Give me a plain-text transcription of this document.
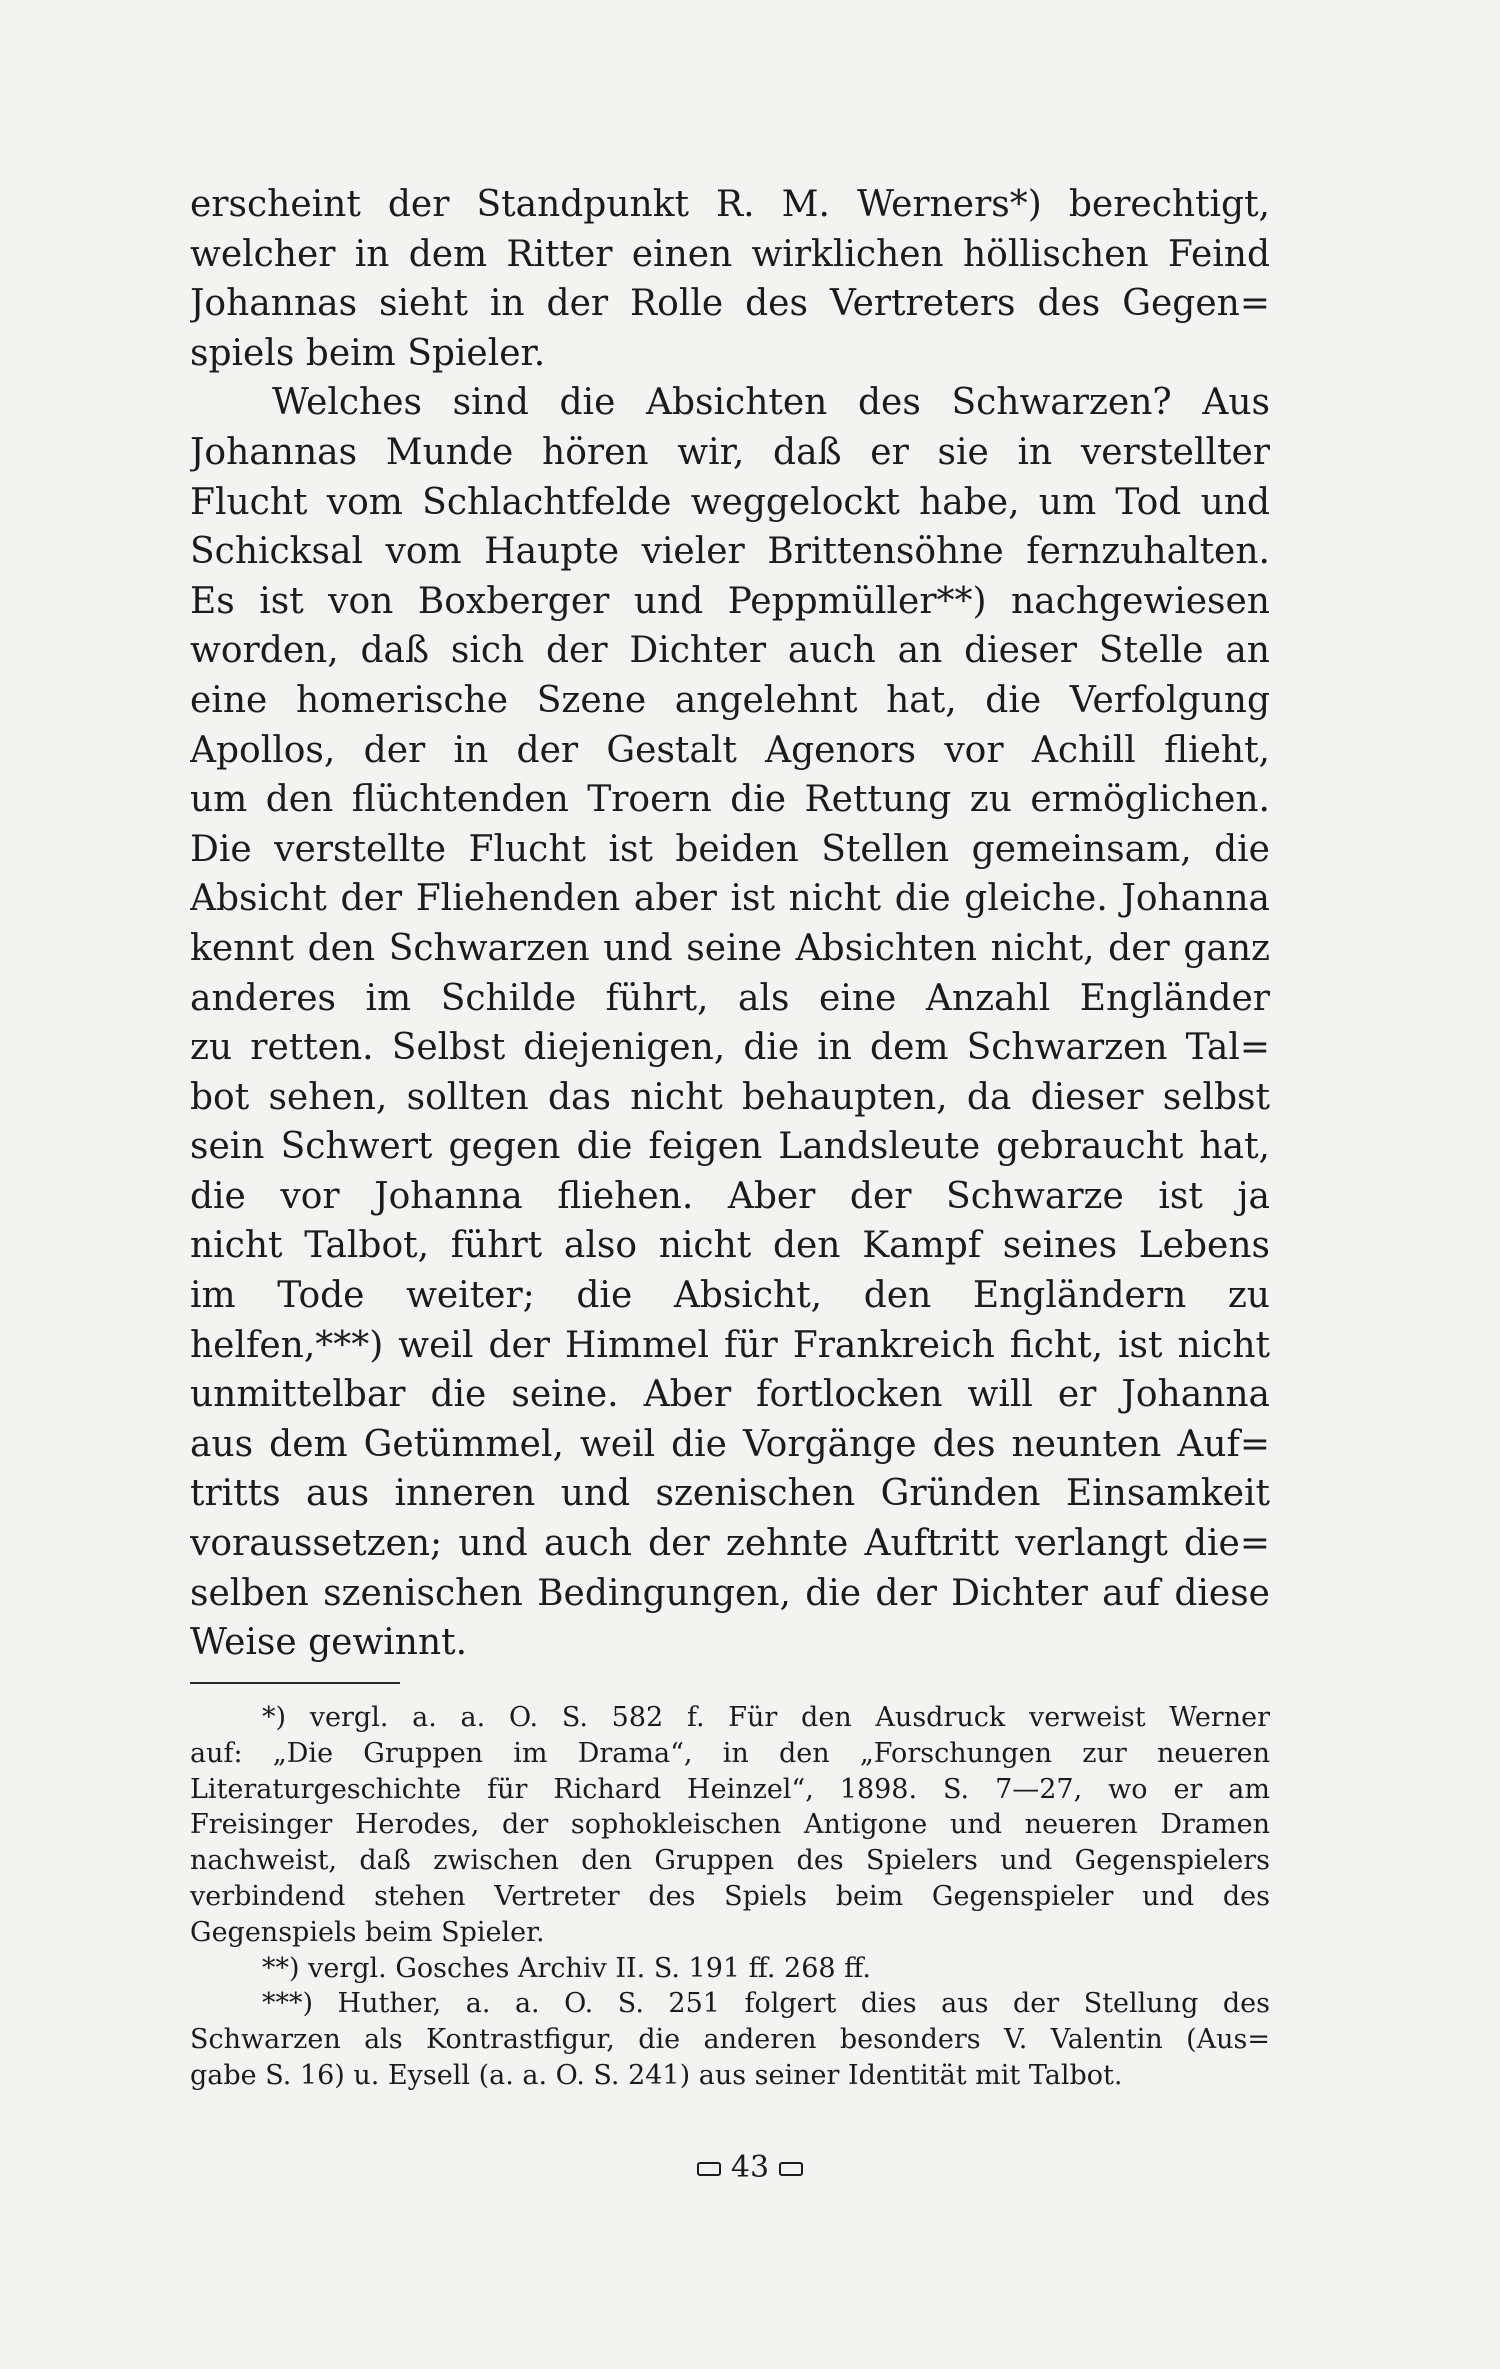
erscheint der Standpunkt R. M. Werners*) berechtigt,
welcher in dem Ritter einen wirklichen höllischen Feind
Johannas sieht in der Rolle des Vertreters des Gegen=
spiels beim Spieler.
Welches sind die Absichten des Schwarzen? Aus
Johannas Munde hören wir, daß er sie in verstellter
Flucht vom Schlachtfelde weggelockt habe, um Tod und
Schicksal vom Haupte vieler Brittensöhne fernzuhalten.
Es ist von Boxberger und Peppmüller**) nachgewiesen
worden, daß sich der Dichter auch an dieser Stelle an
eine homerische Szene angelehnt hat, die Verfolgung
Apollos, der in der Gestalt Agenors vor Achill flieht,
um den flüchtenden Troern die Rettung zu ermöglichen.
Die verstellte Flucht ist beiden Stellen gemeinsam, die
Absicht der Fliehenden aber ist nicht die gleiche. Johanna
kennt den Schwarzen und seine Absichten nicht, der ganz
anderes im Schilde führt, als eine Anzahl Engländer
zu retten. Selbst diejenigen, die in dem Schwarzen Tal=
bot sehen, sollten das nicht behaupten, da dieser selbst
sein Schwert gegen die feigen Landsleute gebraucht hat,
die vor Johanna fliehen. Aber der Schwarze ist ja
nicht Talbot, führt also nicht den Kampf seines Lebens
im Tode weiter; die Absicht, den Engländern zu
helfen,***) weil der Himmel für Frankreich ficht, ist nicht
unmittelbar die seine. Aber fortlocken will er Johanna
aus dem Getümmel, weil die Vorgänge des neunten Auf=
tritts aus inneren und szenischen Gründen Einsamkeit
voraussetzen; und auch der zehnte Auftritt verlangt die=
selben szenischen Bedingungen, die der Dichter auf diese
Weise gewinnt.
*) vergl. a. a. O. S. 582 f. Für den Ausdruck verweist Werner
auf: „Die Gruppen im Drama“, in den „Forschungen zur neueren
Literaturgeschichte für Richard Heinzel“, 1898. S. 7—27, wo er am
Freisinger Herodes, der sophokleischen Antigone und neueren Dramen
nachweist, daß zwischen den Gruppen des Spielers und Gegenspielers
verbindend stehen Vertreter des Spiels beim Gegenspieler und des
Gegenspiels beim Spieler.
**) vergl. Gosches Archiv II. S. 191 ff. 268 ff.
***) Huther, a. a. O. S. 251 folgert dies aus der Stellung des
Schwarzen als Kontrastfigur, die anderen besonders V. Valentin (Aus=
gabe S. 16) u. Eysell (a. a. O. S. 241) aus seiner Identität mit Talbot.
43
